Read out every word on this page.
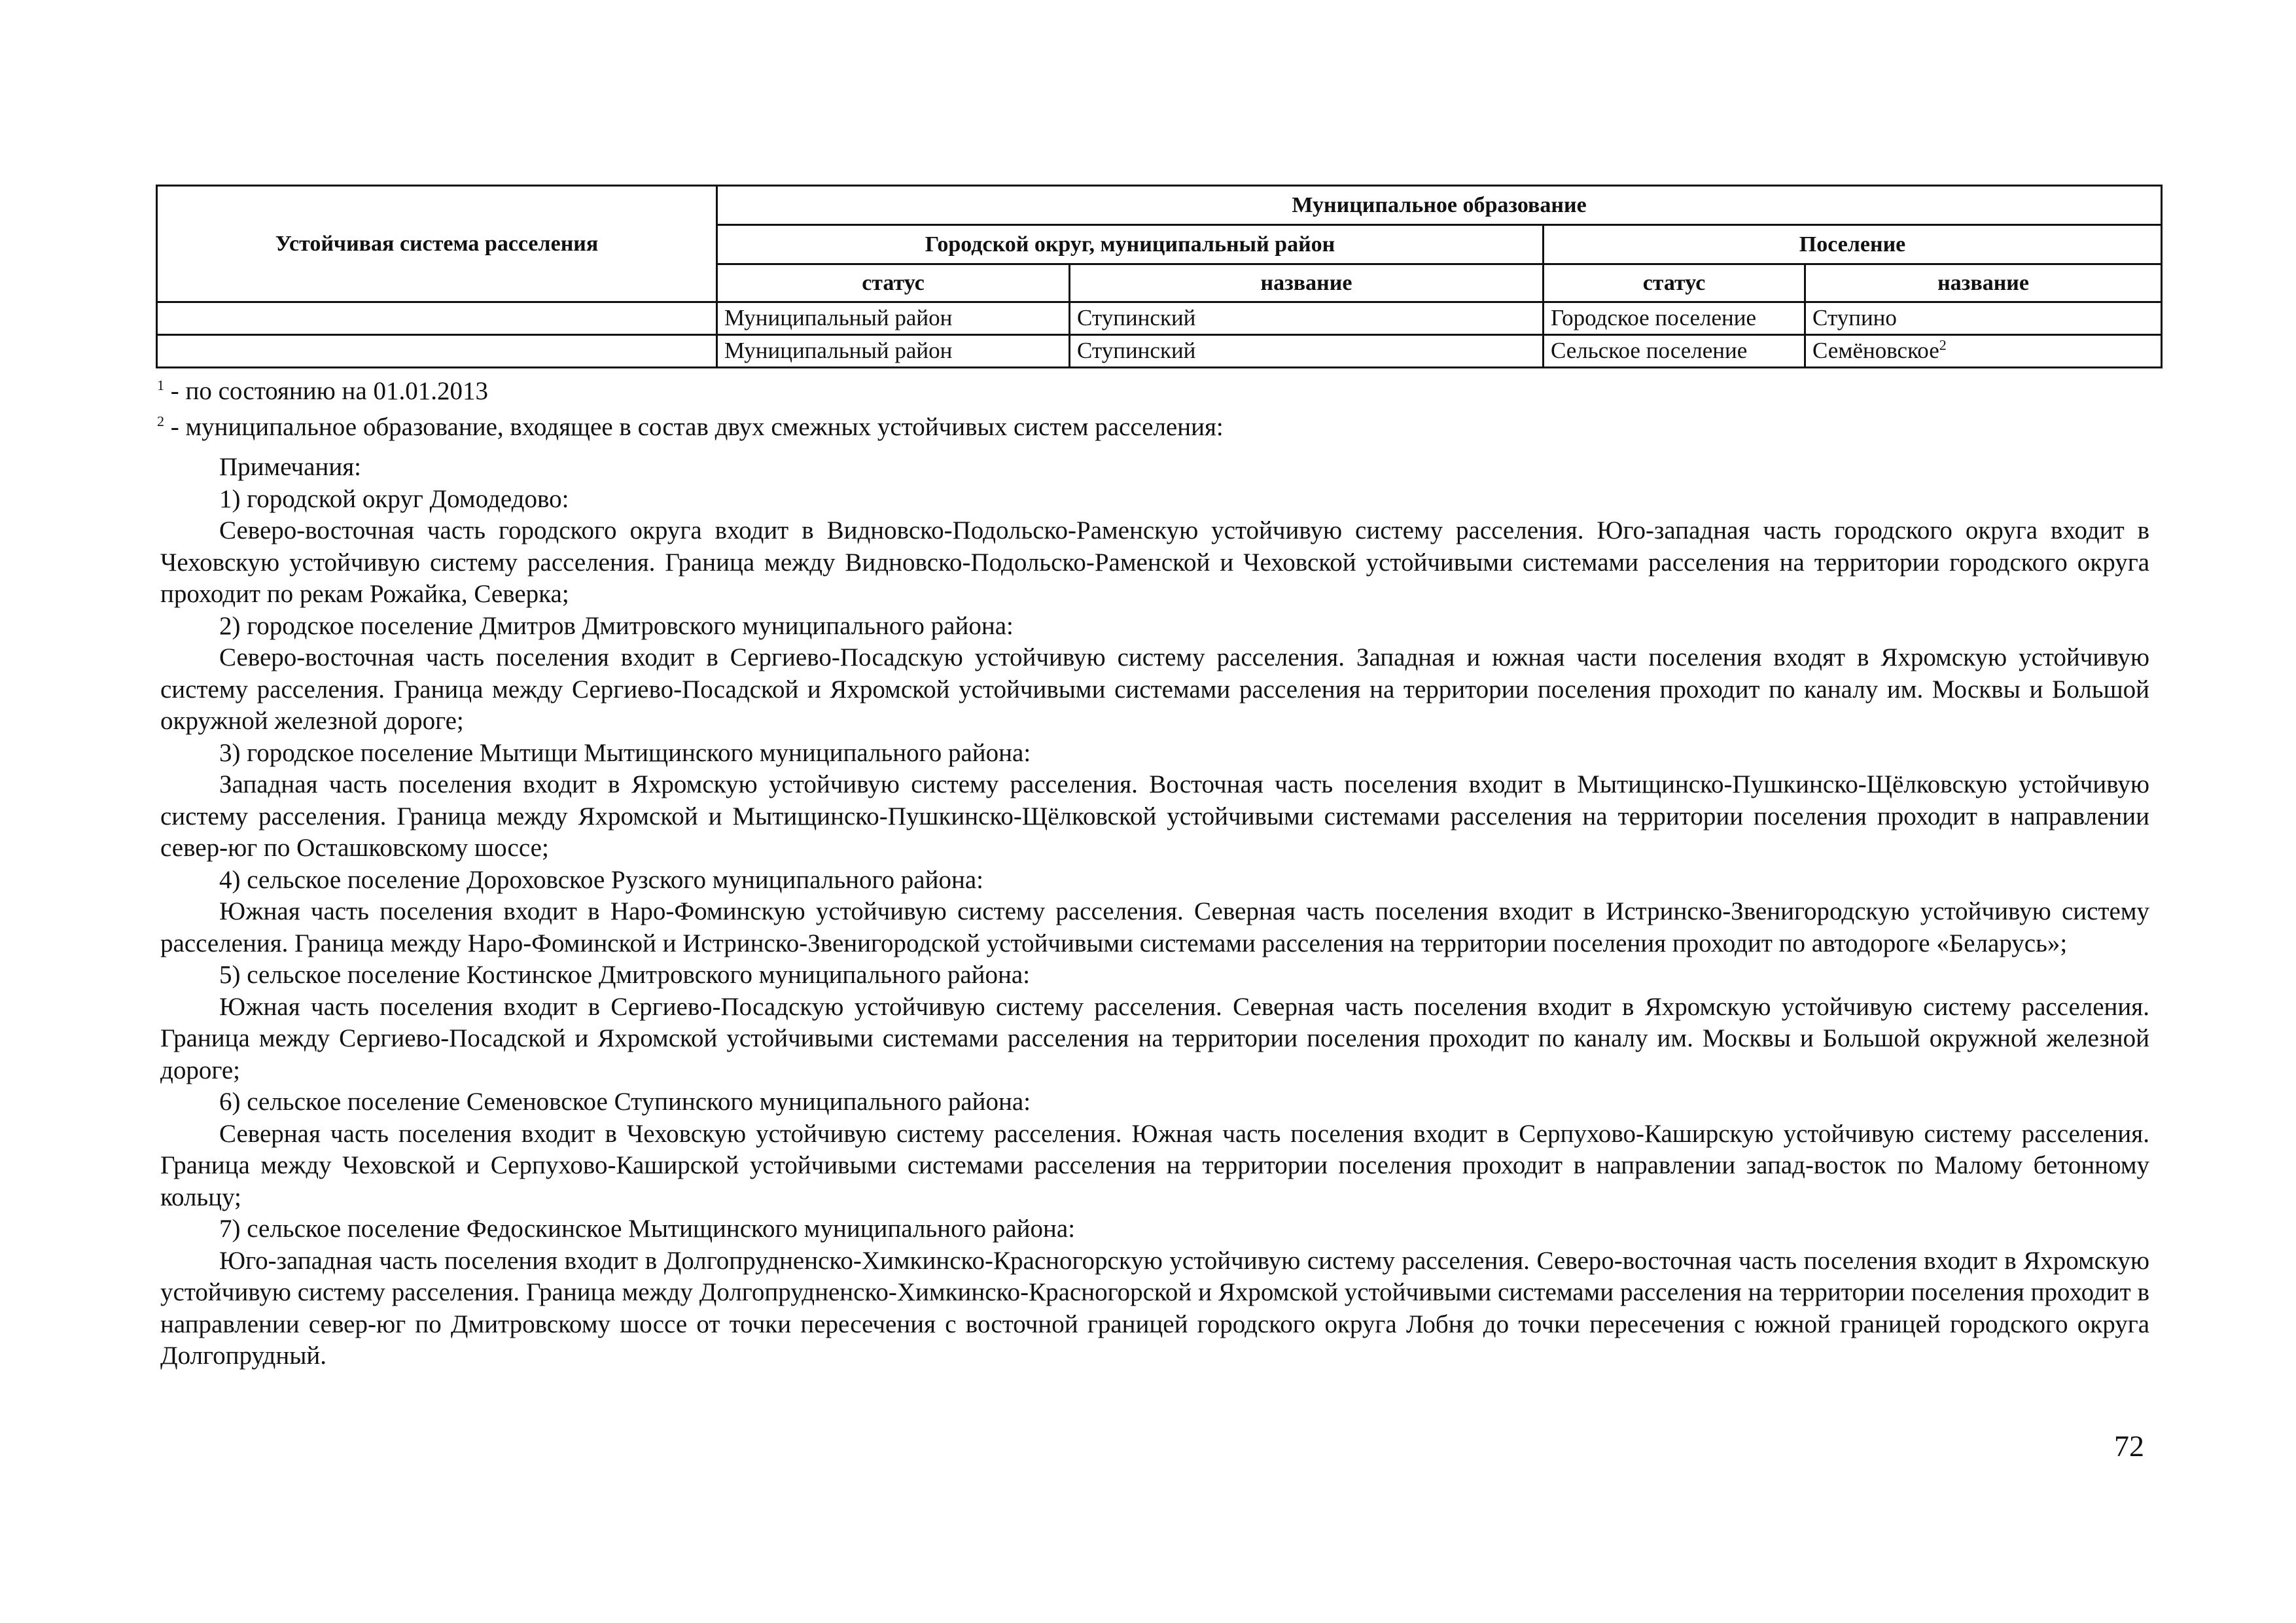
Устойчивая система расселения	Муниципальное образование			
	Городской округ, муниципальный район		Поселение	
	статус	название	статус	название
	Муниципальный район	Ступинский	Городское поселение	Ступино
	Муниципальный район	Ступинский	Сельское поселение	Семёновское$^2$
$^1$ - по состоянию на 01.01.2013
$^2$ - муниципальное образование, входящее в состав двух смежных устойчивых систем расселения:
Примечания:
1) городской округ Домодедово:

Северо-восточная часть городского округа входит в Видновско-Подольско-Раменскую устойчивую систему расселения. Юго-западная часть городского округа входит в Чеховскую устойчивую систему расселения. Граница между Видновско-Подольско-Раменской и Чеховской устойчивыми системами расселения на территории городского округа проходит по рекам Рожайка, Северка;

2) городское поселение Дмитров Дмитровского муниципального района:

Северо-восточная часть поселения входит в Сергиево-Посадскую устойчивую систему расселения. Западная и южная части поселения входят в Яхромскую устойчивую систему расселения. Граница между Сергиево-Посадской и Яхромской устойчивыми системами расселения на территории поселения проходит по каналу им. Москвы и Большой окружной железной дороге;

3) городское поселение Мытищи Мытищинского муниципального района:

Западная часть поселения входит в Яхромскую устойчивую систему расселения. Восточная часть поселения входит в Мытищинско-Пушкинско-Щёлковскую устойчивую систему расселения. Граница между Яхромской и Мытищинско-Пушкинско-Щёлковской устойчивыми системами расселения на территории поселения проходит в направлении север-юг по Осташковскому шоссе;

4) сельское поселение Дороховское Рузского муниципального района:

Южная часть поселения входит в Наро-Фоминскую устойчивую систему расселения. Северная часть поселения входит в Истринско-Звенигородскую устойчивую систему расселения. Граница между Наро-Фоминской и Истринско-Звенигородской устойчивыми системами расселения на территории поселения проходит по автодороге «Беларусь»;

5) сельское поселение Костинское Дмитровского муниципального района:

Южная часть поселения входит в Сергиево-Посадскую устойчивую систему расселения. Северная часть поселения входит в Яхромскую устойчивую систему расселения. Граница между Сергиево-Посадской и Яхромской устойчивыми системами расселения на территории поселения проходит по каналу им. Москвы и Большой окружной железной дороге;

6) сельское поселение Семеновское Ступинского муниципального района:

Северная часть поселения входит в Чеховскую устойчивую систему расселения. Южная часть поселения входит в Серпухово-Каширскую устойчивую систему расселения. Граница между Чеховской и Серпухово-Каширской устойчивыми системами расселения на территории поселения проходит в направлении запад-восток по Малому бетонному кольцу;

7) сельское поселение Федоскинское Мытищинского муниципального района:

Юго-западная часть поселения входит в Долгопрудненско-Химкинско-Красногорскую устойчивую систему расселения. Северо-восточная часть поселения входит в Яхромскую устойчивую систему расселения. Граница между Долгопрудненско-Химкинско-Красногорской и Яхромской устойчивыми системами расселения на территории поселения проходит в направлении север-юг по Дмитровскому шоссе от точки пересечения с восточной границей городского округа Лобня до точки пересечения с южной границей городского округа Долгопрудный.

72
